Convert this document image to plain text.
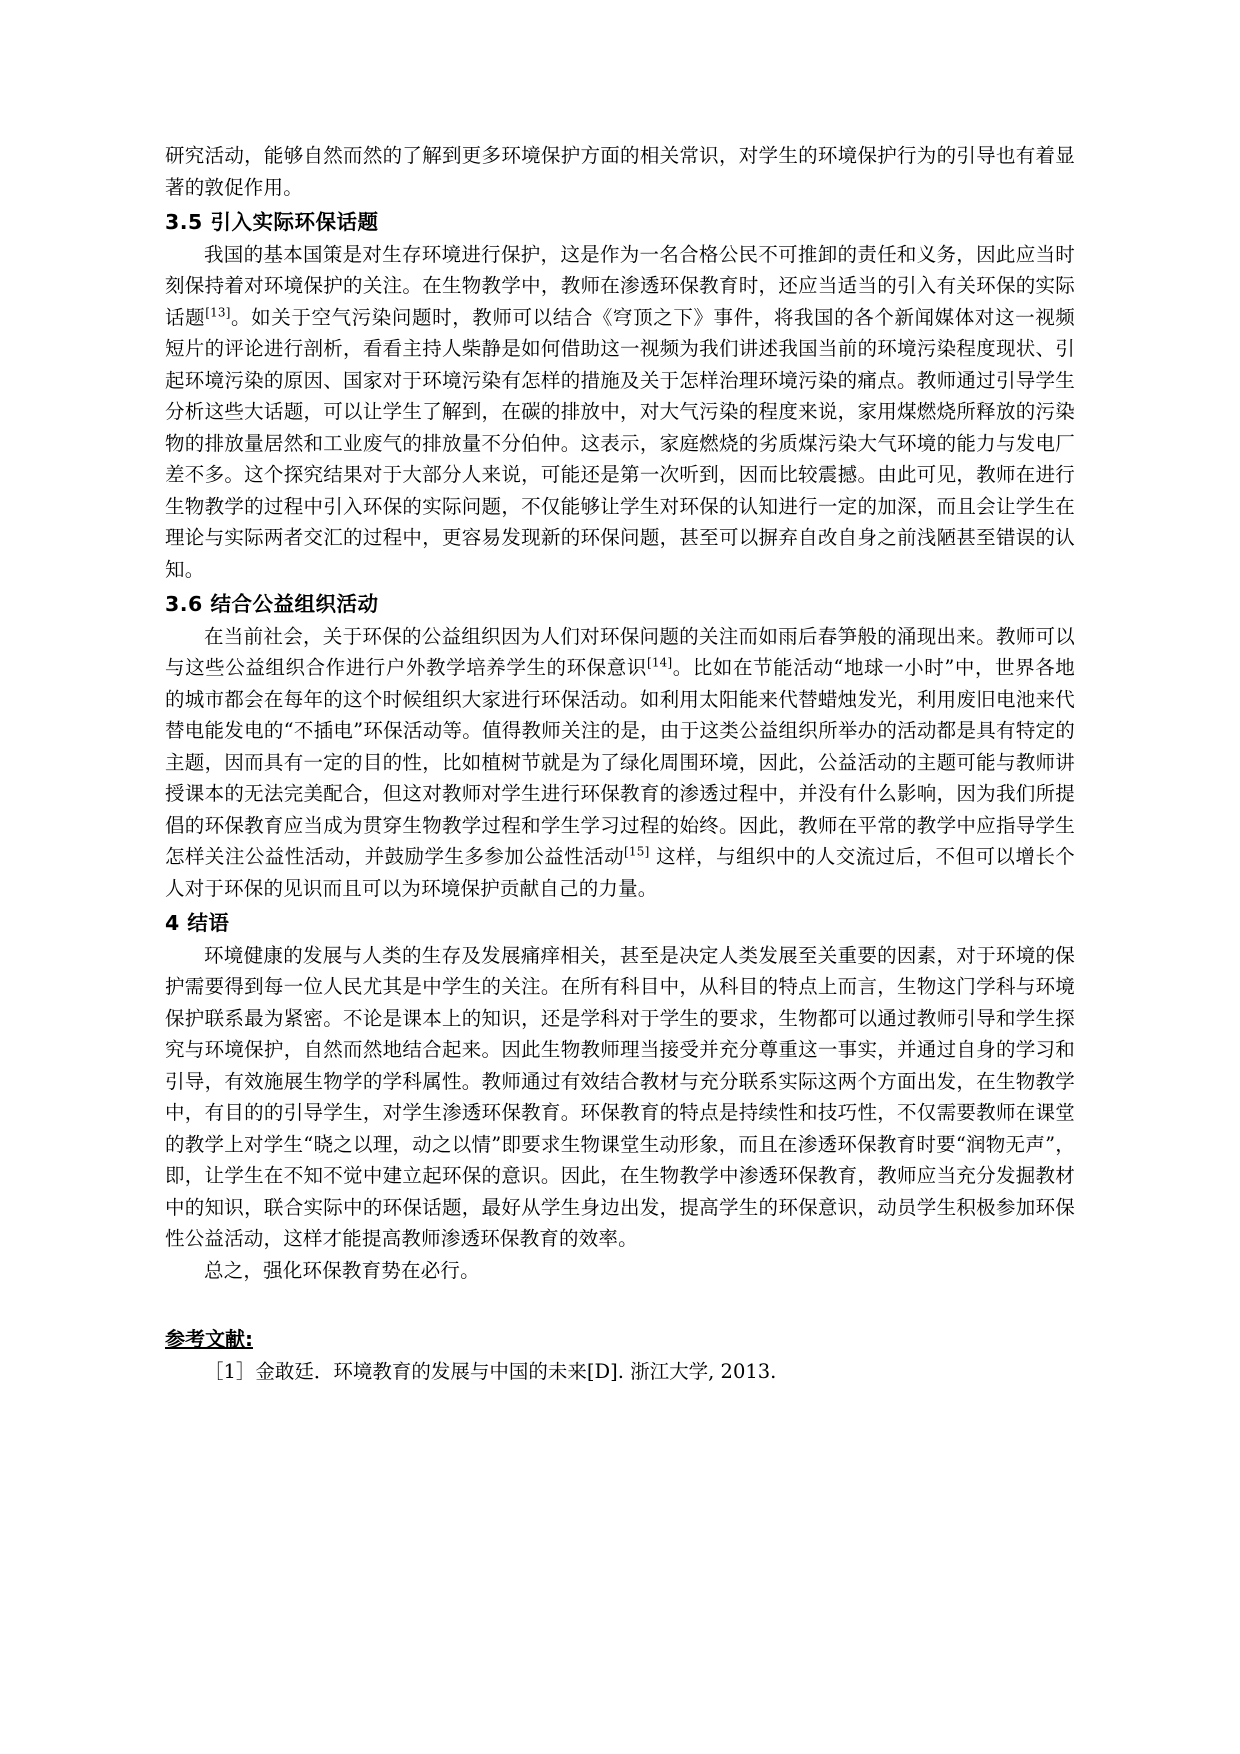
研究活动，能够自然而然的了解到更多环境保护方面的相关常识，对学生的环境保护行为的引导也有着显著的敦促作用。

3.5 引入实际环保话题

我国的基本国策是对生存环境进行保护，这是作为一名合格公民不可推卸的责任和义务，因此应当时刻保持着对环境保护的关注。在生物教学中，教师在渗透环保教育时，还应当适当的引入有关环保的实际话题[13]。如关于空气污染问题时，教师可以结合《穹顶之下》事件，将我国的各个新闻媒体对这一视频短片的评论进行剖析，看看主持人柴静是如何借助这一视频为我们讲述我国当前的环境污染程度现状、引起环境污染的原因、国家对于环境污染有怎样的措施及关于怎样治理环境污染的痛点。教师通过引导学生分析这些大话题，可以让学生了解到，在碳的排放中，对大气污染的程度来说，家用煤燃烧所释放的污染物的排放量居然和工业废气的排放量不分伯仲。这表示，家庭燃烧的劣质煤污染大气环境的能力与发电厂差不多。这个探究结果对于大部分人来说，可能还是第一次听到，因而比较震撼。由此可见，教师在进行生物教学的过程中引入环保的实际问题，不仅能够让学生对环保的认知进行一定的加深，而且会让学生在理论与实际两者交汇的过程中，更容易发现新的环保问题，甚至可以摒弃自改自身之前浅陋甚至错误的认知。

3.6 结合公益组织活动

在当前社会，关于环保的公益组织因为人们对环保问题的关注而如雨后春笋般的涌现出来。教师可以与这些公益组织合作进行户外教学培养学生的环保意识[14]。比如在节能活动“地球一小时”中，世界各地的城市都会在每年的这个时候组织大家进行环保活动。如利用太阳能来代替蜡烛发光，利用废旧电池来代替电能发电的“不插电”环保活动等。值得教师关注的是，由于这类公益组织所举办的活动都是具有特定的主题，因而具有一定的目的性，比如植树节就是为了绿化周围环境，因此，公益活动的主题可能与教师讲授课本的无法完美配合，但这对教师对学生进行环保教育的渗透过程中，并没有什么影响，因为我们所提倡的环保教育应当成为贯穿生物教学过程和学生学习过程的始终。因此，教师在平常的教学中应指导学生怎样关注公益性活动，并鼓励学生多参加公益性活动[15] 这样，与组织中的人交流过后，不但可以增长个人对于环保的见识而且可以为环境保护贡献自己的力量。

4 结语

环境健康的发展与人类的生存及发展痛痒相关，甚至是决定人类发展至关重要的因素，对于环境的保护需要得到每一位人民尤其是中学生的关注。在所有科目中，从科目的特点上而言，生物这门学科与环境保护联系最为紧密。不论是课本上的知识，还是学科对于学生的要求，生物都可以通过教师引导和学生探究与环境保护，自然而然地结合起来。因此生物教师理当接受并充分尊重这一事实，并通过自身的学习和引导，有效施展生物学的学科属性。教师通过有效结合教材与充分联系实际这两个方面出发，在生物教学中，有目的的引导学生，对学生渗透环保教育。环保教育的特点是持续性和技巧性，不仅需要教师在课堂的教学上对学生“晓之以理，动之以情”即要求生物课堂生动形象，而且在渗透环保教育时要“润物无声”，即，让学生在不知不觉中建立起环保的意识。因此，在生物教学中渗透环保教育，教师应当充分发掘教材中的知识，联合实际中的环保话题，最好从学生身边出发，提高学生的环保意识，动员学生积极参加环保性公益活动，这样才能提高教师渗透环保教育的效率。

总之，强化环保教育势在必行。

参考文献:

［1］金敢廷．环境教育的发展与中国的未来[D]. 浙江大学, 2013.
